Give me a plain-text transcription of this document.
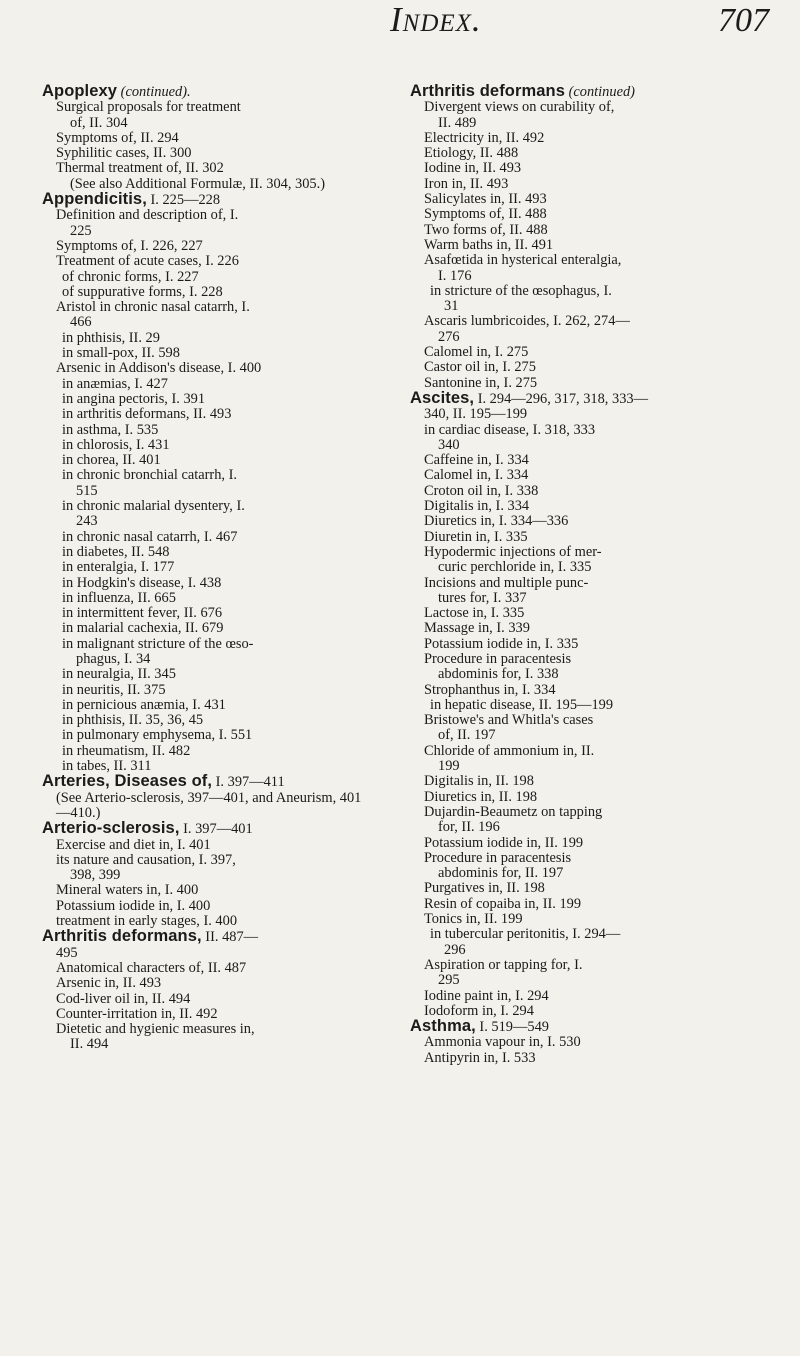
Index.	707
Apoplexy (continued).
Surgical proposals for treatment
of, II. 304
Symptoms of, II. 294
Syphilitic cases, II. 300
Thermal treatment of, II. 302
(See also Additional Formulæ, II. 304, 305.)
Appendicitis, I. 225—228
Definition and description of, I.
225
Symptoms of, I. 226, 227
Treatment of acute cases, I. 226
of chronic forms, I. 227
of suppurative forms, I. 228
Aristol in chronic nasal catarrh, I.
466
in phthisis, II. 29
in small-pox, II. 598
Arsenic in Addison's disease, I. 400
in anæmias, I. 427
in angina pectoris, I. 391
in arthritis deformans, II. 493
in asthma, I. 535
in chlorosis, I. 431
in chorea, II. 401
in chronic bronchial catarrh, I.
515
in chronic malarial dysentery, I.
243
in chronic nasal catarrh, I. 467
in diabetes, II. 548
in enteralgia, I. 177
in Hodgkin's disease, I. 438
in influenza, II. 665
in intermittent fever, II. 676
in malarial cachexia, II. 679
in malignant stricture of the œso-
phagus, I. 34
in neuralgia, II. 345
in neuritis, II. 375
in pernicious anæmia, I. 431
in phthisis, II. 35, 36, 45
in pulmonary emphysema, I. 551
in rheumatism, II. 482
in tabes, II. 311
Arteries, Diseases of, I. 397—411
(See Arterio-sclerosis, 397—401, and Aneurism, 401—410.)
Arterio-sclerosis, I. 397—401
Exercise and diet in, I. 401
its nature and causation, I. 397,
398, 399
Mineral waters in, I. 400
Potassium iodide in, I. 400
treatment in early stages, I. 400
Arthritis deformans, II. 487—
495
Anatomical characters of, II. 487
Arsenic in, II. 493
Cod-liver oil in, II. 494
Counter-irritation in, II. 492
Dietetic and hygienic measures in,
II. 494
Arthritis deformans (continued)
Divergent views on curability of,
II. 489
Electricity in, II. 492
Etiology, II. 488
Iodine in, II. 493
Iron in, II. 493
Salicylates in, II. 493
Symptoms of, II. 488
Two forms of, II. 488
Warm baths in, II. 491
Asafœtida in hysterical enteralgia,
I. 176
in stricture of the œsophagus, I.
31
Ascaris lumbricoides, I. 262, 274—
276
Calomel in, I. 275
Castor oil in, I. 275
Santonine in, I. 275
Ascites, I. 294—296, 317, 318, 333—
340, II. 195—199
in cardiac disease, I. 318, 333
340
Caffeine in, I. 334
Calomel in, I. 334
Croton oil in, I. 338
Digitalis in, I. 334
Diuretics in, I. 334—336
Diuretin in, I. 335
Hypodermic injections of mer-
curic perchloride in, I. 335
Incisions and multiple punc-
tures for, I. 337
Lactose in, I. 335
Massage in, I. 339
Potassium iodide in, I. 335
Procedure in paracentesis
abdominis for, I. 338
Strophanthus in, I. 334
in hepatic disease, II. 195—199
Bristowe's and Whitla's cases
of, II. 197
Chloride of ammonium in, II.
199
Digitalis in, II. 198
Diuretics in, II. 198
Dujardin-Beaumetz on tapping
for, II. 196
Potassium iodide in, II. 199
Procedure in paracentesis
abdominis for, II. 197
Purgatives in, II. 198
Resin of copaiba in, II. 199
Tonics in, II. 199
in tubercular peritonitis, I. 294—
296
Aspiration or tapping for, I.
295
Iodine paint in, I. 294
Iodoform in, I. 294
Asthma, I. 519—549
Ammonia vapour in, I. 530
Antipyrin in, I. 533
